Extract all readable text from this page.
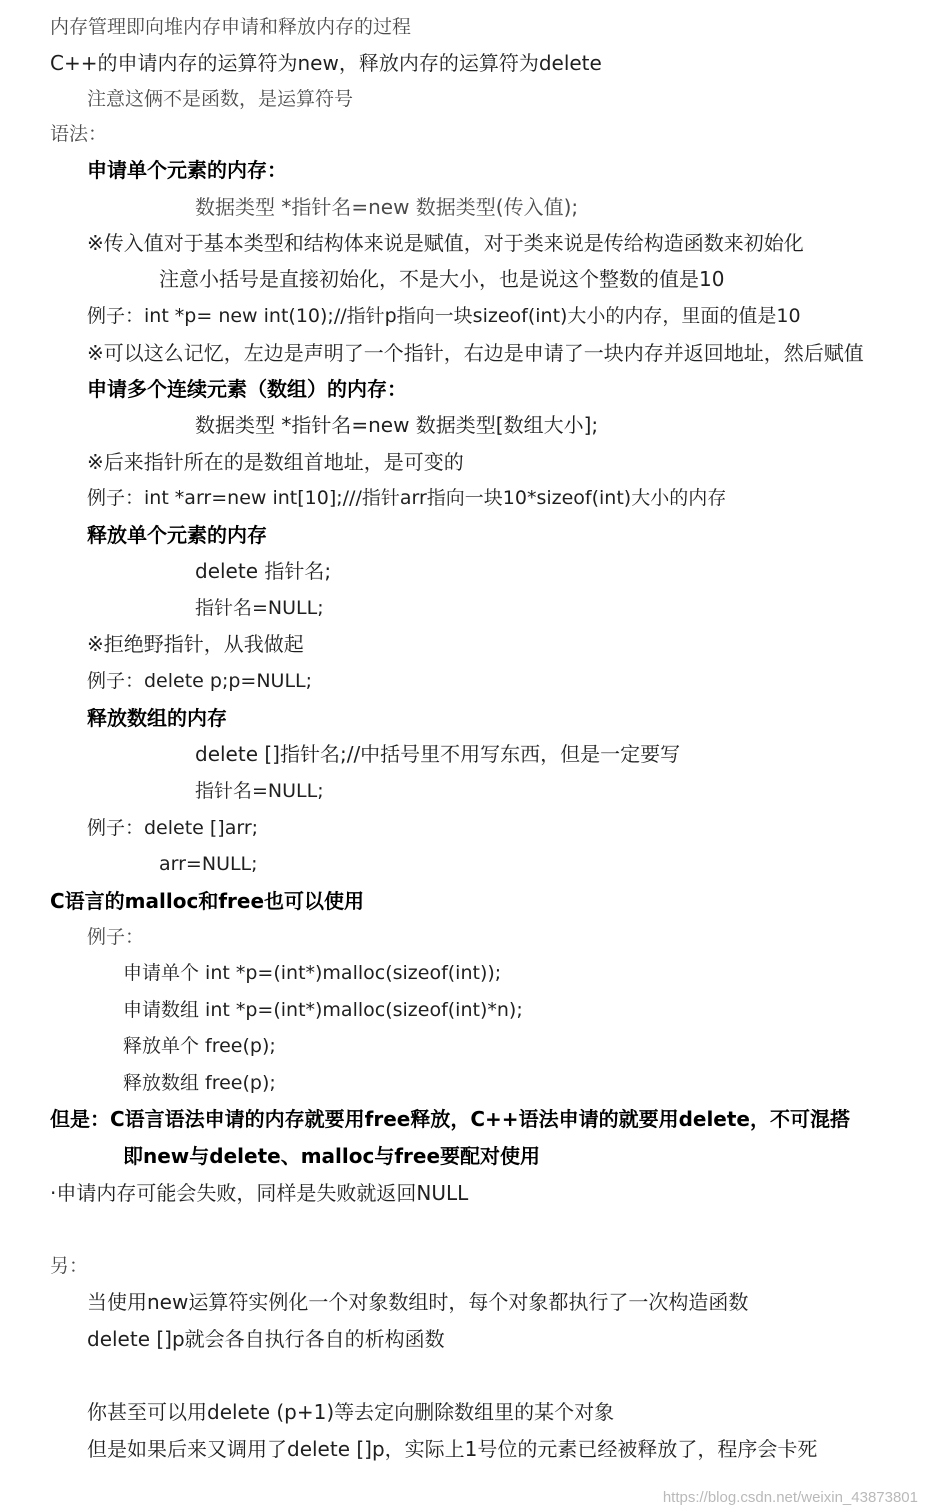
内存管理即向堆内存申请和释放内存的过程
C++的申请内存的运算符为new，释放内存的运算符为delete
注意这俩不是函数，是运算符号
语法：
申请单个元素的内存：
数据类型 *指针名=new 数据类型(传入值);
※传入值对于基本类型和结构体来说是赋值，对于类来说是传给构造函数来初始化
注意小括号是直接初始化，不是大小，也是说这个整数的值是10
例子：int *p= new int(10);//指针p指向一块sizeof(int)大小的内存，里面的值是10
※可以这么记忆，左边是声明了一个指针，右边是申请了一块内存并返回地址，然后赋值
申请多个连续元素（数组）的内存：
数据类型 *指针名=new 数据类型[数组大小];
※后来指针所在的是数组首地址，是可变的
例子：int *arr=new int[10];///指针arr指向一块10*sizeof(int)大小的内存
释放单个元素的内存
delete 指针名;
指针名=NULL;
※拒绝野指针，从我做起
例子：delete p;p=NULL;
释放数组的内存
delete []指针名;//中括号里不用写东西，但是一定要写
指针名=NULL;
例子：delete []arr;
arr=NULL;
C语言的malloc和free也可以使用
例子：
申请单个 int *p=(int*)malloc(sizeof(int));
申请数组 int *p=(int*)malloc(sizeof(int)*n);
释放单个 free(p);
释放数组 free(p);
但是：C语言语法申请的内存就要用free释放，C++语法申请的就要用delete，不可混搭
即new与delete、malloc与free要配对使用
·申请内存可能会失败，同样是失败就返回NULL
另：
当使用new运算符实例化一个对象数组时，每个对象都执行了一次构造函数
delete []p就会各自执行各自的析构函数
你甚至可以用delete (p+1)等去定向删除数组里的某个对象
但是如果后来又调用了delete []p，实际上1号位的元素已经被释放了，程序会卡死
https://blog.csdn.net/weixin_43873801
